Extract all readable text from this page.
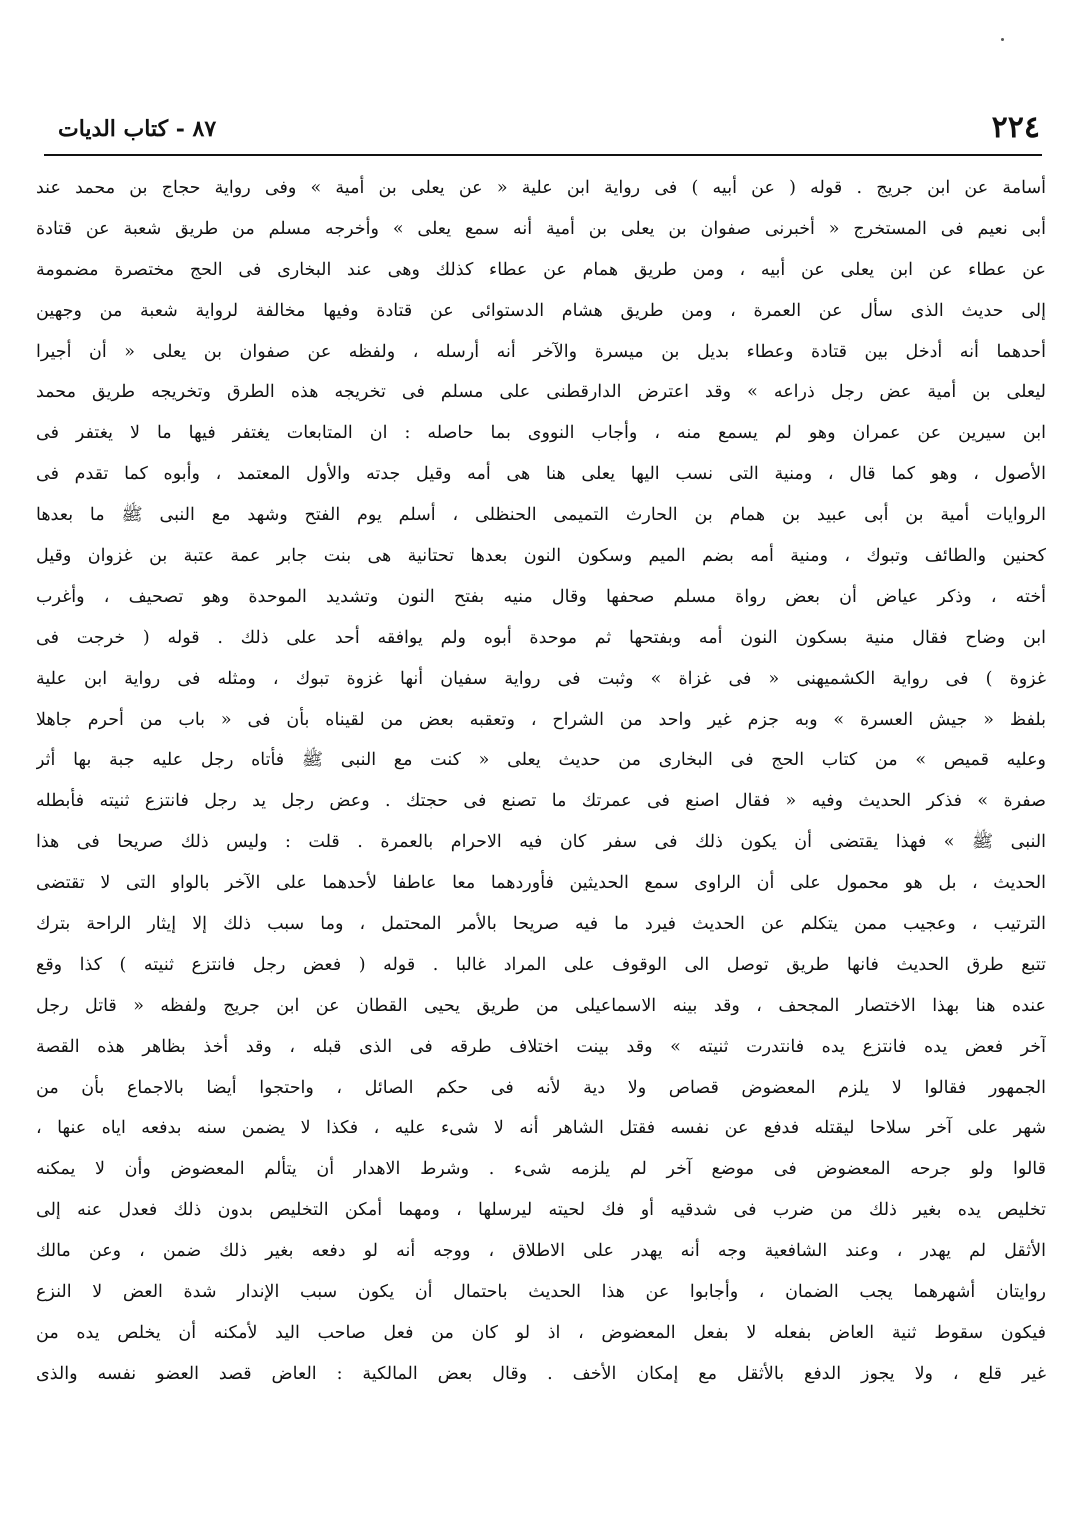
٢٢٤
٨٧ - كتاب الديات
أسامة عن ابن جريج . قوله ( عن أبيه ) فى رواية ابن علية « عن يعلى بن أمية » وفى رواية حجاج بن محمد عند
أبى نعيم فى المستخرج « أخبرنى صفوان بن يعلى بن أمية أنه سمع يعلى » وأخرجه مسلم من طريق شعبة عن قتادة
عن عطاء عن ابن يعلى عن أبيه ، ومن طريق همام عن عطاء كذلك وهى عند البخارى فى الحج مختصرة مضمومة
إلى حديث الذى سأل عن العمرة ، ومن طريق هشام الدستوائى عن قتادة وفيها مخالفة لرواية شعبة من وجهين
أحدهما أنه أدخل بين قتادة وعطاء بديل بن ميسرة والآخر أنه أرسله ، ولفظه عن صفوان بن يعلى « أن أجيرا
ليعلى بن أمية عض رجل ذراعه » وقد اعترض الدارقطنى على مسلم فى تخريجه هذه الطرق وتخريجه طريق محمد
ابن سيرين عن عمران وهو لم يسمع منه ، وأجاب النووى بما حاصله : ان المتابعات يغتفر فيها ما لا يغتفر فى
الأصول ، وهو كما قال ، ومنية التى نسب اليها يعلى هنا هى أمه وقيل جدته والأول المعتمد ، وأبوه كما تقدم فى
الروايات أمية بن أبى عبيد بن همام بن الحارث التميمى الحنظلى ، أسلم يوم الفتح وشهد مع النبى ﷺ ما بعدها
كحنين والطائف وتبوك ، ومنية أمه بضم الميم وسكون النون بعدها تحتانية هى بنت جابر عمة عتبة بن غزوان وقيل
أخته ، وذكر عياض أن بعض رواة مسلم صحفها وقال منيه بفتح النون وتشديد الموحدة وهو تصحيف ، وأغرب
ابن وضاح فقال منية بسكون النون أمه وبفتحها ثم موحدة أبوه ولم يوافقه أحد على ذلك . قوله ( خرجت فى
غزوة ) فى رواية الكشميهنى « فى غزاة » وثبت فى رواية سفيان أنها غزوة تبوك ، ومثله فى رواية ابن علية
بلفظ « جيش العسرة » وبه جزم غير واحد من الشراح ، وتعقبه بعض من لقيناه بأن فى « باب من أحرم جاهلا
وعليه قميص » من كتاب الحج فى البخارى من حديث يعلى « كنت مع النبى ﷺ فأتاه رجل عليه جبة بها أثر
صفرة » فذكر الحديث وفيه « فقال اصنع فى عمرتك ما تصنع فى حجتك . وعض رجل يد رجل فانتزع ثنيته فأبطله
النبى ﷺ » فهذا يقتضى أن يكون ذلك فى سفر كان فيه الاحرام بالعمرة . قلت : وليس ذلك صريحا فى هذا
الحديث ، بل هو محمول على أن الراوى سمع الحديثين فأوردهما معا عاطفا لأحدهما على الآخر بالواو التى لا تقتضى
الترتيب ، وعجيب ممن يتكلم عن الحديث فيرد ما فيه صريحا بالأمر المحتمل ، وما سبب ذلك إلا إيثار الراحة بترك
تتبع طرق الحديث فانها طريق توصل الى الوقوف على المراد غالبا . قوله ( فعض رجل فانتزع ثنيته ) كذا وقع
عنده هنا بهذا الاختصار المجحف ، وقد بينه الاسماعيلى من طريق يحيى القطان عن ابن جريج ولفظه « قاتل رجل
آخر فعض يده فانتزع يده فانتدرت ثنيته » وقد بينت اختلاف طرقه فى الذى قبله ، وقد أخذ بظاهر هذه القصة
الجمهور فقالوا لا يلزم المعضوض قصاص ولا دية لأنه فى حكم الصائل ، واحتجوا أيضا بالاجماع بأن من
شهر على آخر سلاحا ليقتله فدفع عن نفسه فقتل الشاهر أنه لا شىء عليه ، فكذا لا يضمن سنه بدفعه اياه عنها ،
قالوا ولو جرحه المعضوض فى موضع آخر لم يلزمه شىء . وشرط الاهدار أن يتألم المعضوض وأن لا يمكنه
تخليص يده بغير ذلك من ضرب فى شدقيه أو فك لحيته ليرسلها ، ومهما أمكن التخليص بدون ذلك فعدل عنه إلى
الأثقل لم يهدر ، وعند الشافعية وجه أنه يهدر على الاطلاق ، ووجه أنه لو دفعه بغير ذلك ضمن ، وعن مالك
روايتان أشهرهما يجب الضمان ، وأجابوا عن هذا الحديث باحتمال أن يكون سبب الإندار شدة العض لا النزع
فيكون سقوط ثنية العاض بفعله لا بفعل المعضوض ، اذ لو كان من فعل صاحب اليد لأمكنه أن يخلص يده من
غير قلع ، ولا يجوز الدفع بالأثقل مع إمكان الأخف . وقال بعض المالكية : العاض قصد العضو نفسه والذى
